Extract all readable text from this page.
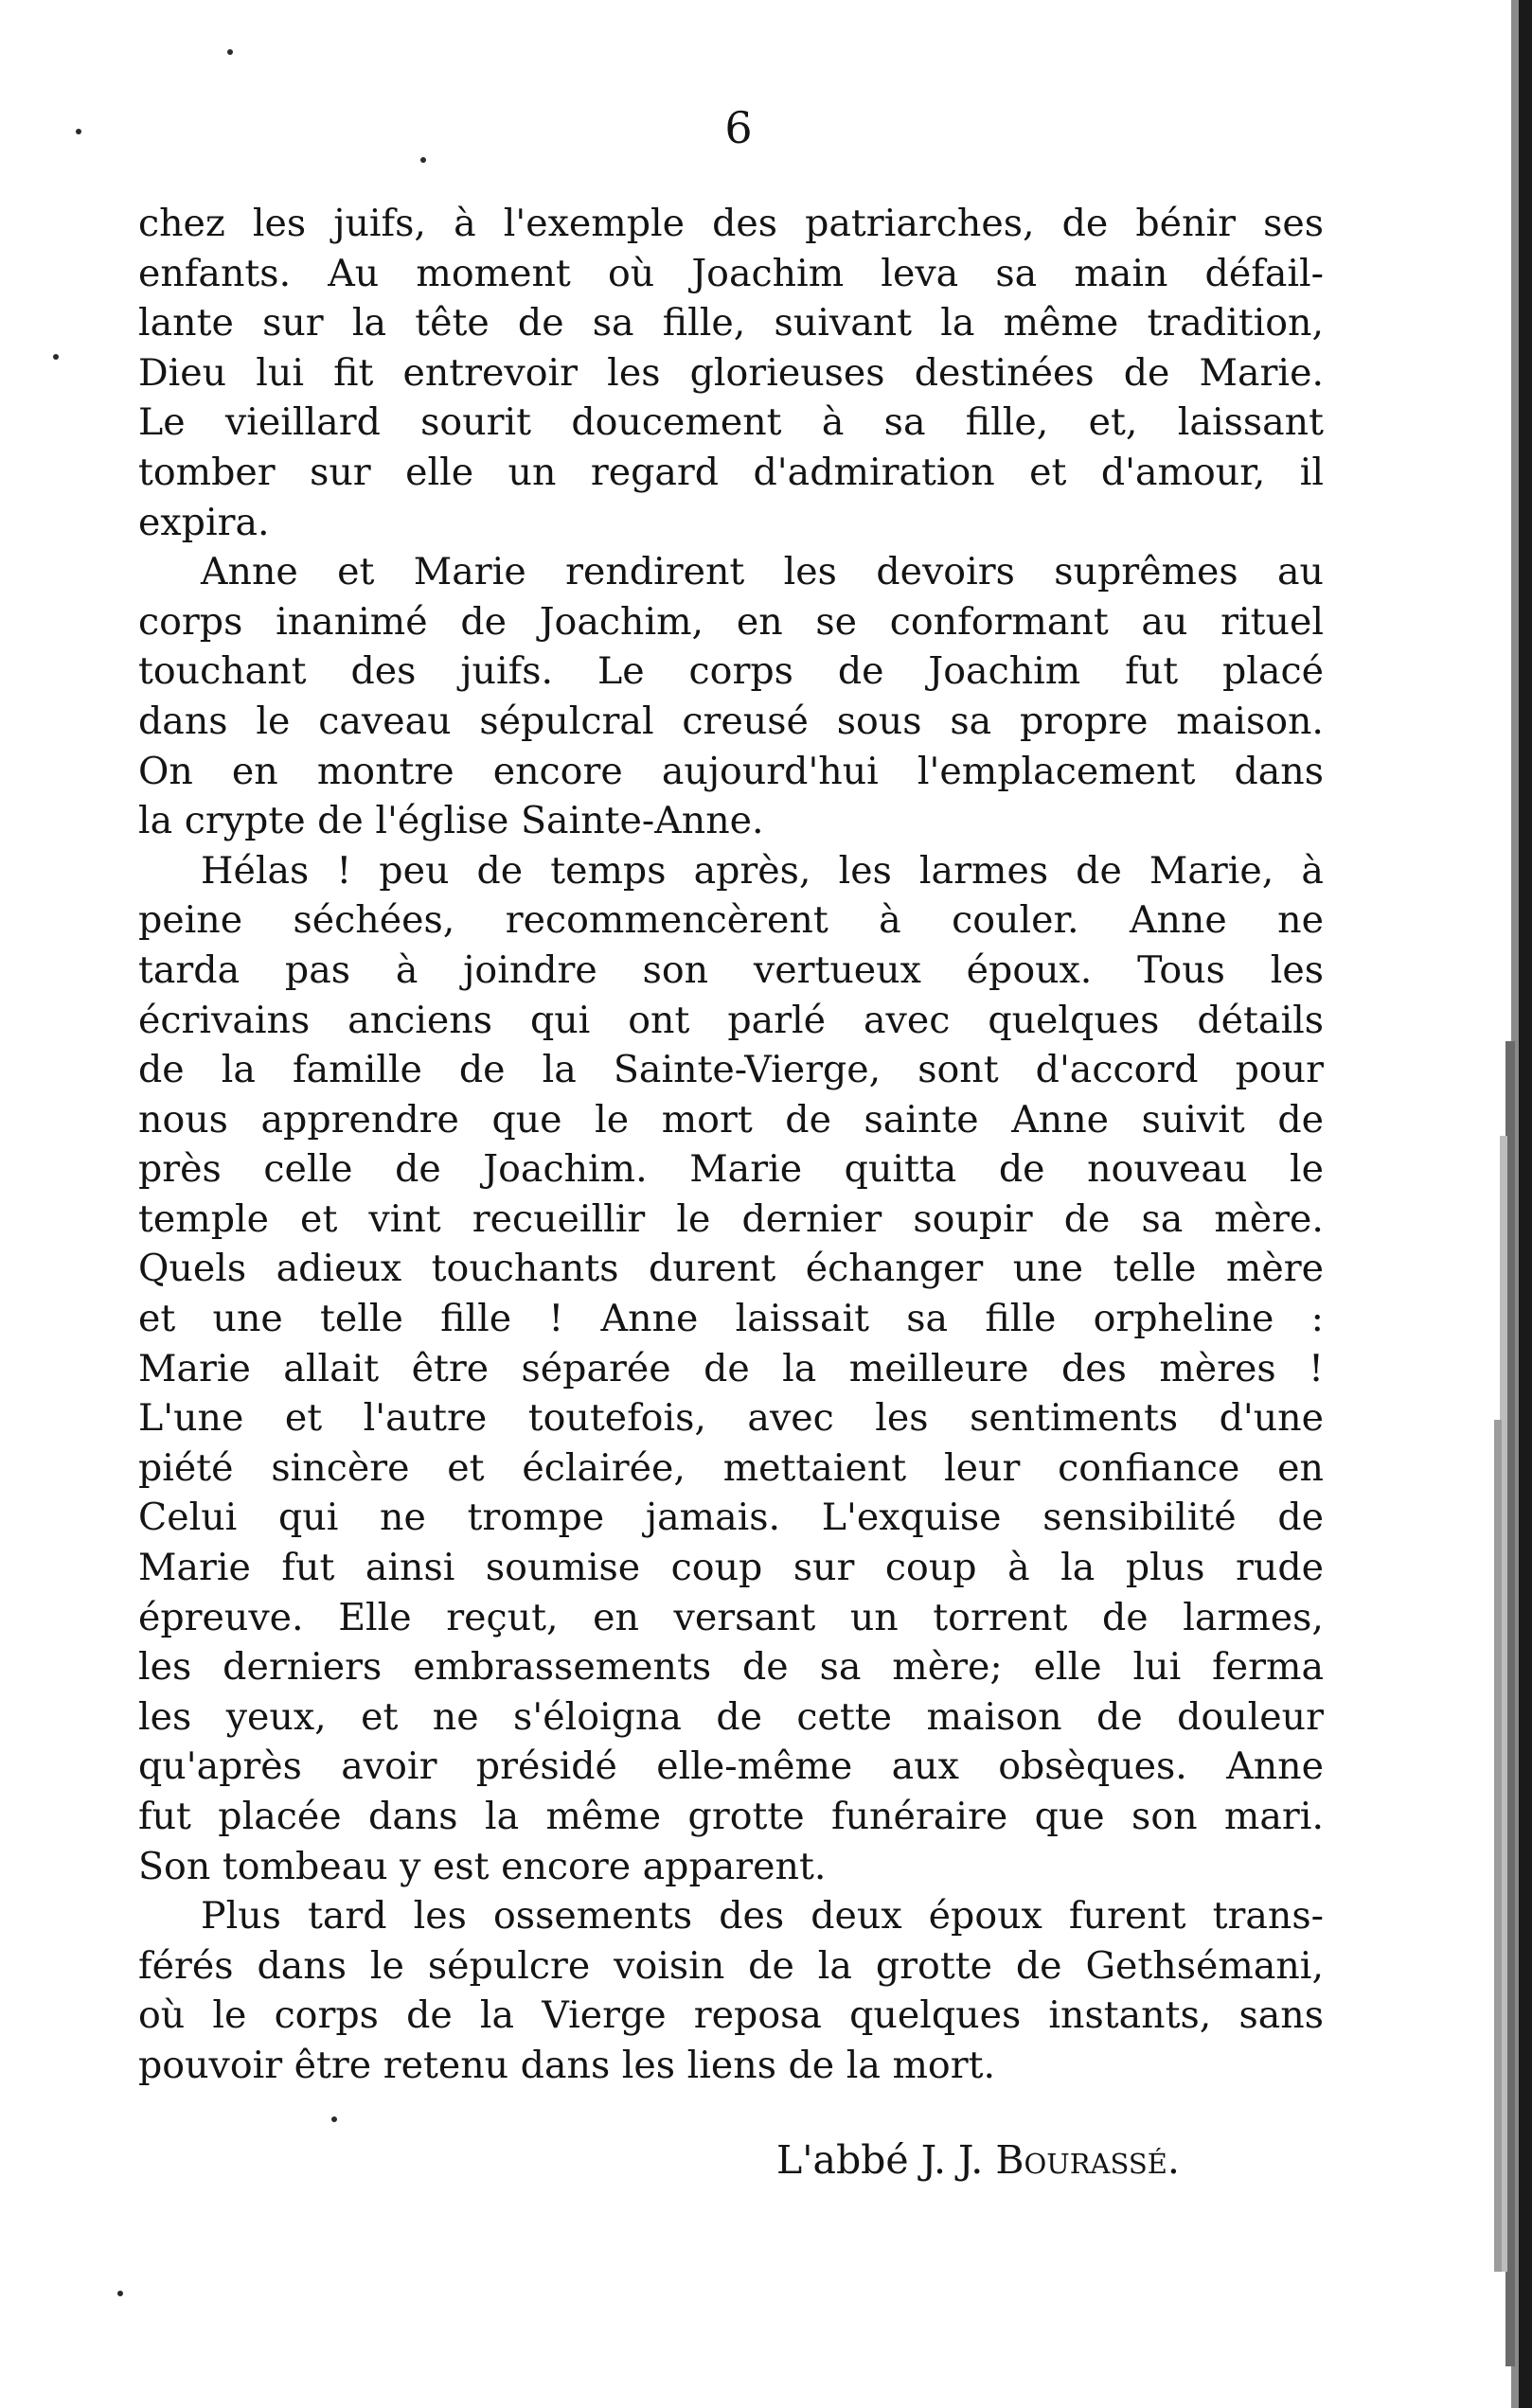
6
chez les juifs, à l'exemple des patriarches, de bénir ses
enfants. Au moment où Joachim leva sa main défail-
lante sur la tête de sa fille, suivant la même tradition,
Dieu lui fit entrevoir les glorieuses destinées de Marie.
Le vieillard sourit doucement à sa fille, et, laissant
tomber sur elle un regard d'admiration et d'amour, il
expira.
Anne et Marie rendirent les devoirs suprêmes au
corps inanimé de Joachim, en se conformant au rituel
touchant des juifs. Le corps de Joachim fut placé
dans le caveau sépulcral creusé sous sa propre maison.
On en montre encore aujourd'hui l'emplacement dans
la crypte de l'église Sainte-Anne.
Hélas ! peu de temps après, les larmes de Marie, à
peine séchées, recommencèrent à couler. Anne ne
tarda pas à joindre son vertueux époux. Tous les
écrivains anciens qui ont parlé avec quelques détails
de la famille de la Sainte-Vierge, sont d'accord pour
nous apprendre que le mort de sainte Anne suivit de
près celle de Joachim. Marie quitta de nouveau le
temple et vint recueillir le dernier soupir de sa mère.
Quels adieux touchants durent échanger une telle mère
et une telle fille ! Anne laissait sa fille orpheline :
Marie allait être séparée de la meilleure des mères !
L'une et l'autre toutefois, avec les sentiments d'une
piété sincère et éclairée, mettaient leur confiance en
Celui qui ne trompe jamais. L'exquise sensibilité de
Marie fut ainsi soumise coup sur coup à la plus rude
épreuve. Elle reçut, en versant un torrent de larmes,
les derniers embrassements de sa mère; elle lui ferma
les yeux, et ne s'éloigna de cette maison de douleur
qu'après avoir présidé elle-même aux obsèques. Anne
fut placée dans la même grotte funéraire que son mari.
Son tombeau y est encore apparent.
Plus tard les ossements des deux époux furent trans-
férés dans le sépulcre voisin de la grotte de Gethsémani,
où le corps de la Vierge reposa quelques instants, sans
pouvoir être retenu dans les liens de la mort.
L'abbé J. J. Bourassé.
